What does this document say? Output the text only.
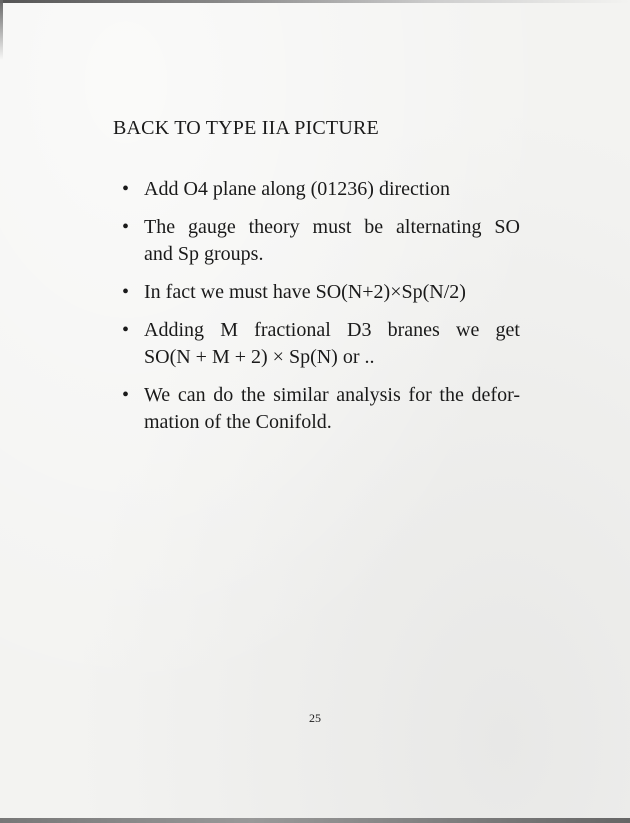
BACK TO TYPE IIA PICTURE
• Add O4 plane along (01236) direction
• The gauge theory must be alternating SO
and Sp groups.
• In fact we must have SO(N+2)×Sp(N/2)
• Adding M fractional D3 branes we get
SO(N + M + 2) × Sp(N) or ..
• We can do the similar analysis for the defor-
mation of the Conifold.
25
